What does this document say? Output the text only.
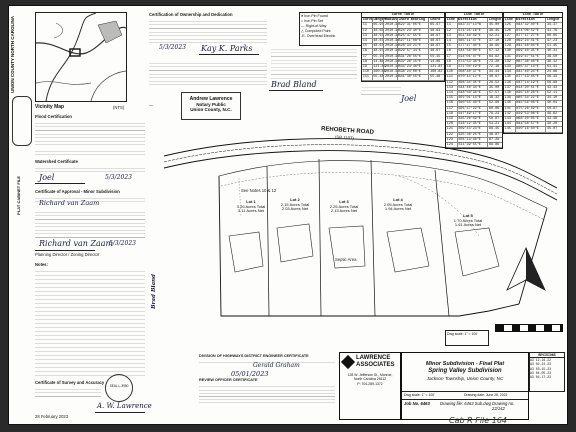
UNION COUNTY NORTH CAROLINA
PLAT CABINET FILE
Vicinity Map	(NTS)
Flood Certification
Watershed Certificate
Joel	5/3/2023
Certificate of Approval - Minor Subdivision
Richard van Zaam
Richard van Zaam
Planning Director / Zoning Director
5/3/2023
Notes:
Brad Bland
Certificate of Survey and Accuracy
SEAL L-3950
A. W. Lawrence
28 February 2023
Certification of Ownership and Dedication
5/3/2023 Kay K. Parks
Andrew Lawrence
Notary Public
Union County, N.C.
—
● Iron Pin Found
○ Iron Pin Set
— Right-of-Way
△ Computed Point
-E- Overhead Electric
Brad Bland
Joel
Curve Table
Curve #
Length Radius Chord Bearing	Chord
C1	65.97 2010.32 S22°31'05"E	65.97
C2	48.63 2010.32 S24°23'40"E	48.63
C3	48.67 2010.32 S25°47'55"E	48.67
C4	48.67 2010.32 S27°11'08"E	48.67
C5	48.67 2010.32 S28°34'21"E	48.67
C6	48.67 2010.32 S29°57'34"E	48.67
C7	55.15 2010.32 S31°26'55"E	55.15
C8	14.86 2010.32 S32°28'15"E	14.86
C9	121.83 2010.32 S34°24'46"E	121.81
C10	160.86 2010.32 S38°24'00"E	160.82
C11	55.48 2010.32 S41°30'55"E	55.48
Line Table
Line # Direction	Length
L1	N43°37'13"W	45.00
L2	S74°25'16"E	38.45
L3	S51°48'59"E	42.21
L4	S65°11'47"E	37.10
L5	S77°47'40"E	39.95
L6	S44°58'00"E	57.12
L7	S14°01'47"E	64.62
L8	S73°53'38"E	73.20
L9	S71°04'19"E	72.16
L10	S08°40'37"E	34.44
L11	N70°44'12"E	40.97
L12	S68°34'35"E	29.52
L13	S44°46'34"E	35.00
L14	S48°50'38"E	57.57
L15	S02°01'14"E	18.32
L16	S60°55'40"E	52.80
L17	S05°17'22"E	60.06
L18	S47°49'17"E	79.23
L19	S35°26'59"E	58.87
L20	S16°12'35"E	53.21
L21	S09°43'23"E	68.45
L22	S35°36'25"E	48.87
L23	S04°13'48"E	67.29
L24	S11°39'55"E	69.86
Line Table
Line # Direction	Length
L25	N44°32'40"E	34.37
L26	N74°06'52"E	41.76
L27	N77°17'27"E	60.05
L28	N62°24'41"E	47.23
L29	N41°48'04"E	51.45
L30	N69°40'35"E	40.31
L31	N19°47'51"E	38.50
L32	N87°36'46"E	36.12
L33	N85°37'14"E	61.41
L34	N41°40'24"E	24.86
L35	N77°13'45"E	46.43
L36	N47°14'19"E	56.98
L37	N14°20'51"E	43.43
L38	N35°18'28"E	52.11
L39	N85°34'22"E	34.10
L40	N45°56'08"E	40.04
L41	N75°26'49"E	50.87
L42	N29°53'08"E	49.62
L43	N68°20'05"E	43.48
L44	N44°58'57"E	38.20
L45	N20°16'50"E	45.07
REHOBETH ROAD
(SR 1107)
Lot 1
3.26 Acres Total
3.11 Acres Net
Lot 2
2.15 Acres Total
2.03 Acres Net
Lot 3
2.25 Acres Total
2.13 Acres Net
Lot 4
2.05 Acres Total
1.94 Acres Net
Lot 5
1.70 Acres Total
1.61 Acres Net
See Notes 10 & 12
Septic Area
Dwg scale: 1" = 100'
DIVISION OF HIGHWAYS DISTRICT ENGINEER CERTIFICATE
Gerald Graham
05/01/2023
REVIEW OFFICER CERTIFICATE
LAWRENCE
ASSOCIATES
128 W. Jefferson St., Monroe, North Carolina 28112
P: 704-289-1372
Minor Subdivision - Final Plat
Spring Valley Subdivision
Jackson Township, Union County, NC
Dwg scale: 1" = 100'	Drawing date: June 28, 2022
Job No. 6463 Drawing file: 6463 Sub.dwg Drawing no. 22/142
REVISIONS
A3 12-16-22
A3 02-22-23
A3 03-15-23
A3 04-05-23
A3 04-17-23
Cab R File 164
